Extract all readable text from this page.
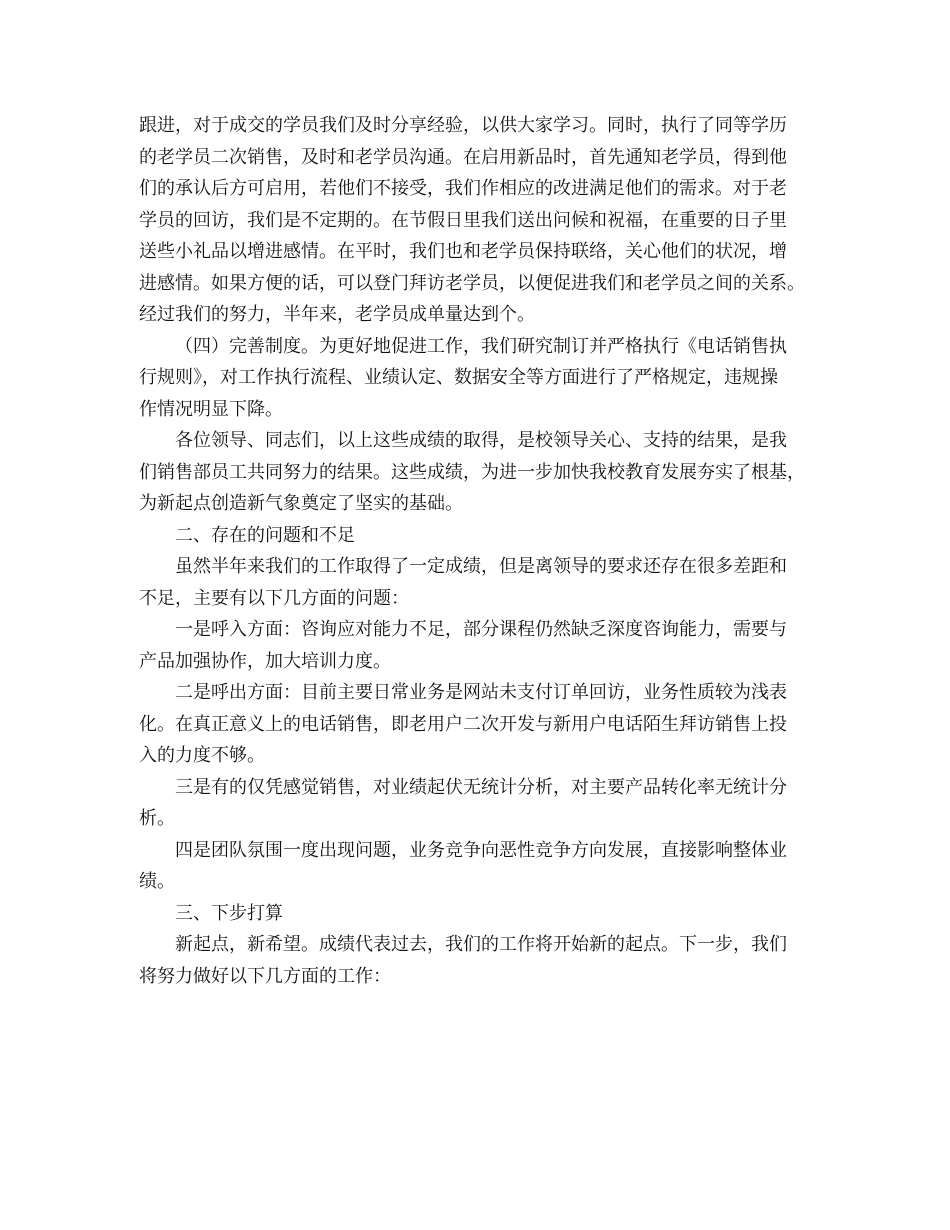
跟进，对于成交的学员我们及时分享经验，以供大家学习。同时，执行了同等学历
的老学员二次销售，及时和老学员沟通。在启用新品时，首先通知老学员，得到他
们的承认后方可启用，若他们不接受，我们作相应的改进满足他们的需求。对于老
学员的回访，我们是不定期的。在节假日里我们送出问候和祝福，在重要的日子里
送些小礼品以增进感情。在平时，我们也和老学员保持联络，关心他们的状况，增
进感情。如果方便的话，可以登门拜访老学员，以便促进我们和老学员之间的关系。
经过我们的努力，半年来，老学员成单量达到个。
（四）完善制度。为更好地促进工作，我们研究制订并严格执行《电话销售执
行规则》，对工作执行流程、业绩认定、数据安全等方面进行了严格规定，违规操
作情况明显下降。
各位领导、同志们，以上这些成绩的取得，是校领导关心、支持的结果，是我
们销售部员工共同努力的结果。这些成绩，为进一步加快我校教育发展夯实了根基，
为新起点创造新气象奠定了坚实的基础。
二、存在的问题和不足
虽然半年来我们的工作取得了一定成绩，但是离领导的要求还存在很多差距和
不足，主要有以下几方面的问题：
一是呼入方面：咨询应对能力不足，部分课程仍然缺乏深度咨询能力，需要与
产品加强协作，加大培训力度。
二是呼出方面：目前主要日常业务是网站未支付订单回访，业务性质较为浅表
化。在真正意义上的电话销售，即老用户二次开发与新用户电话陌生拜访销售上投
入的力度不够。
三是有的仅凭感觉销售，对业绩起伏无统计分析，对主要产品转化率无统计分
析。
四是团队氛围一度出现问题，业务竞争向恶性竞争方向发展，直接影响整体业
绩。
三、下步打算
新起点，新希望。成绩代表过去，我们的工作将开始新的起点。下一步，我们
将努力做好以下几方面的工作：
